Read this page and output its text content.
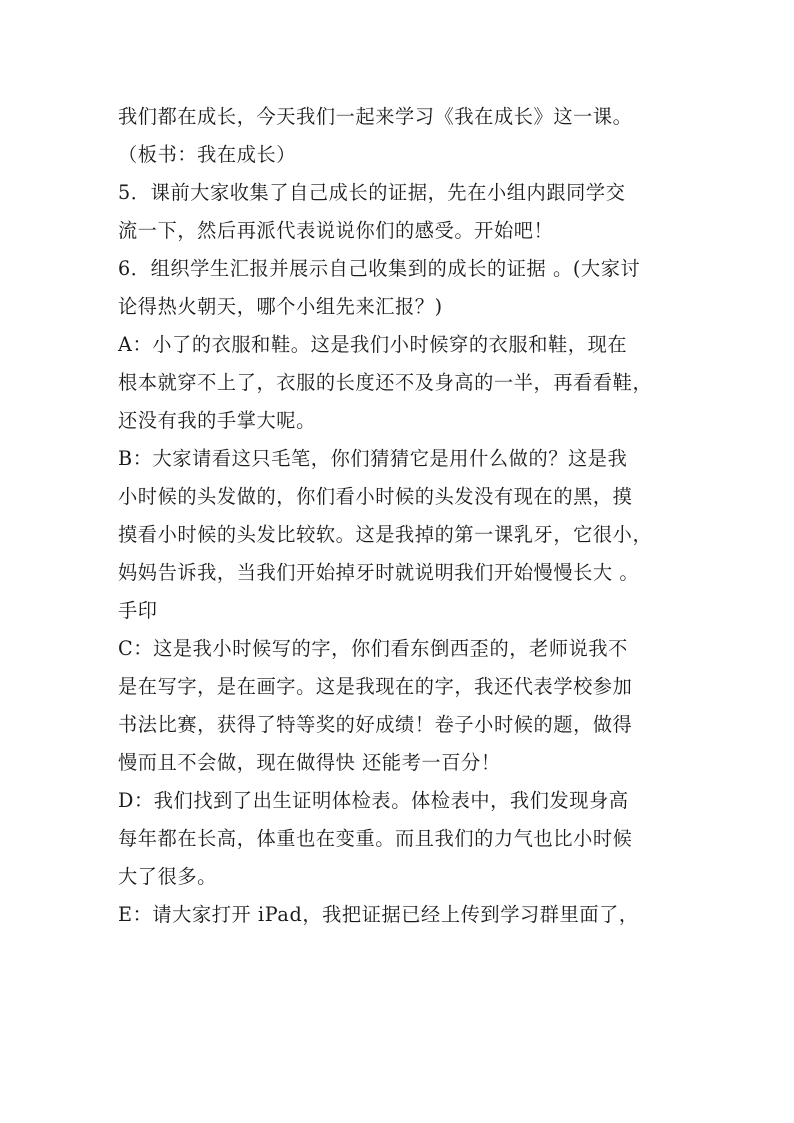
我们都在成长，今天我们一起来学习《我在成长》这一课。
（板书：我在成长）
5．课前大家收集了自己成长的证据，先在小组内跟同学交
流一下，然后再派代表说说你们的感受。开始吧！
6．组织学生汇报并展示自己收集到的成长的证据 。(大家讨
论得热火朝天，哪个小组先来汇报？)
A：小了的衣服和鞋。这是我们小时候穿的衣服和鞋，现在
根本就穿不上了，衣服的长度还不及身高的一半，再看看鞋，
还没有我的手掌大呢。
B：大家请看这只毛笔，你们猜猜它是用什么做的？这是我
小时候的头发做的，你们看小时候的头发没有现在的黑，摸
摸看小时候的头发比较软。这是我掉的第一课乳牙，它很小，
妈妈告诉我，当我们开始掉牙时就说明我们开始慢慢长大 。
手印
C：这是我小时候写的字，你们看东倒西歪的，老师说我不
是在写字，是在画字。这是我现在的字，我还代表学校参加
书法比赛，获得了特等奖的好成绩！卷子小时候的题，做得
慢而且不会做，现在做得快 还能考一百分！
D：我们找到了出生证明体检表。体检表中，我们发现身高
每年都在长高，体重也在变重。而且我们的力气也比小时候
大了很多。
E：请大家打开 iPad，我把证据已经上传到学习群里面了，
